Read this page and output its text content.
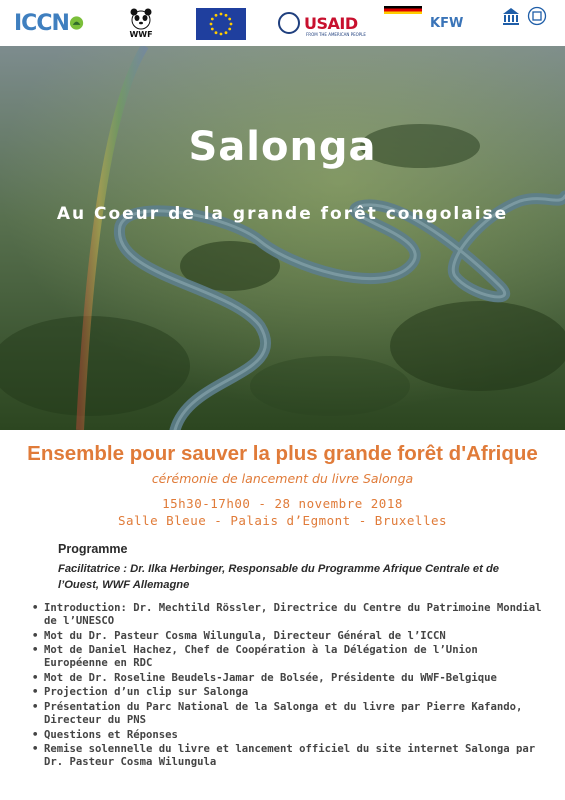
ICCN	WWF
USAID
FROM THE AMERICAN PEOPLE
KFW
Salonga
Au Coeur de la grande forêt congolaise
Ensemble pour sauver la plus grande forêt d'Afrique
cérémonie de lancement du livre Salonga
15h30-17h00 - 28 novembre 2018
Salle Bleue - Palais d’Egmont - Bruxelles
Programme
Facilitatrice : Dr. Ilka Herbinger, Responsable du Programme Afrique Centrale et de l’Ouest, WWF Allemagne
• Introduction: Dr. Mechtild Rössler, Directrice du Centre du Patrimoine Mondial de l’UNESCO
• Mot du Dr. Pasteur Cosma Wilungula, Directeur Général de l’ICCN
• Mot de Daniel Hachez, Chef de Coopération à la Délégation de l’Union Européenne en RDC
• Mot de Dr. Roseline Beudels-Jamar de Bolsée, Présidente du WWF-Belgique
• Projection d’un clip sur Salonga
• Présentation du Parc National de la Salonga et du livre par Pierre Kafando, Directeur du PNS
• Questions et Réponses
• Remise solennelle du livre et lancement officiel du site internet Salonga par Dr. Pasteur Cosma Wilungula
